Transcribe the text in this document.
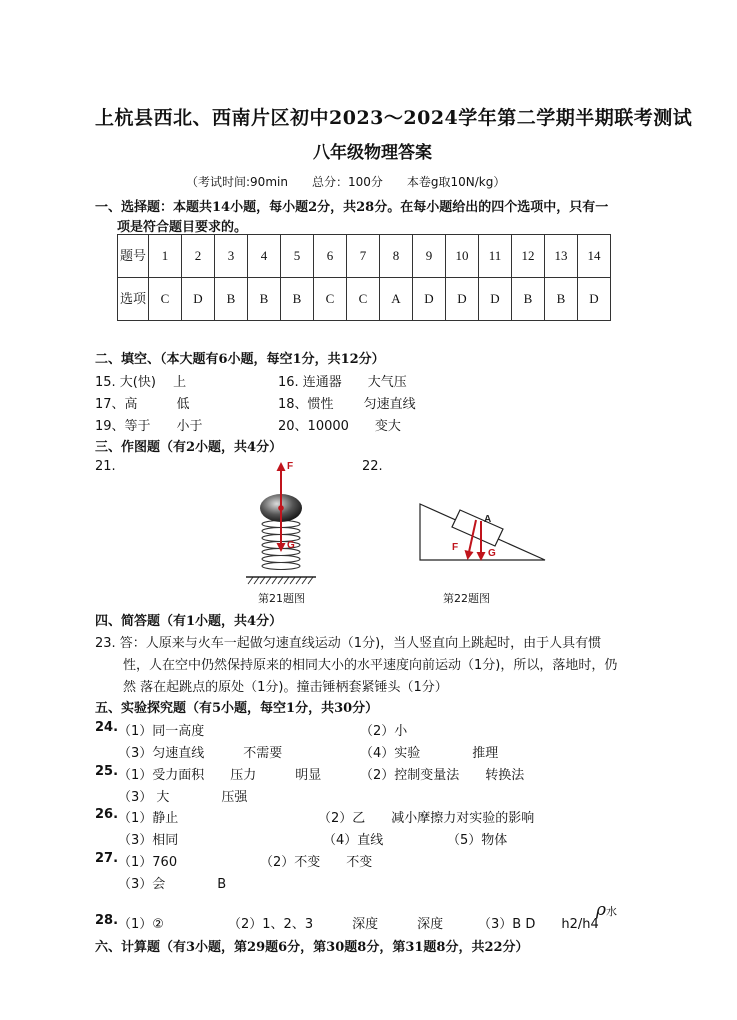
上杭县西北、西南片区初中2023～2024学年第二学期半期联考测试
八年级物理答案
（考试时间:90min　　总分：100分　　本卷g取10N/kg）
一、选择题：本题共14小题，每小题2分，共28分。在每小题给出的四个选项中，只有一
项是符合题目要求的。
题号	1	2	3	4	5	6	7	8	9	10	11	12	13	14
选项	C	D	B	B	B	C	C	A	D	D	D	B	B	D
二、填空、（本大题有6小题，每空1分，共12分）
15. 大(快)　 上	16. 连通器　　大气压
17、高　　　低	18、惯性　　 匀速直线
19、等于　　小于	20、10000　　变大
三、作图题（有2小题，共4分）
21.	22.
F
G
第21题图
A
F
G
第22题图
四、简答题（有1小题，共4分）
23. 答：人原来与火车一起做匀速直线运动（1分)，当人竖直向上跳起时，由于人具有惯
性，人在空中仍然保持原来的相同大小的水平速度向前运动（1分)，所以，落地时，仍
然 落在起跳点的原处（1分)。撞击锤柄套紧锤头（1分）
五、实验探究题（有5小题，每空1分，共30分）
24. （1）同一高度	（2）小
（3）匀速直线　　　不需要	（4）实验　　　　推理
25. （1）受力面积　　压力　　　明显	（2）控制变量法　　转换法
（3） 大　　　　压强
26. （1）静止	（2）乙　　减小摩擦力对实验的影响
（3）相同	（4）直线	（5）物体
27. （1）760	（2）不变　　不变
（3）会　　　　B
28. （1）②	（2）1、2、3　　　深度　　　深度	（3）B D　　h2/h4
ρ水
六、计算题（有3小题，第29题6分，第30题8分，第31题8分，共22分）
